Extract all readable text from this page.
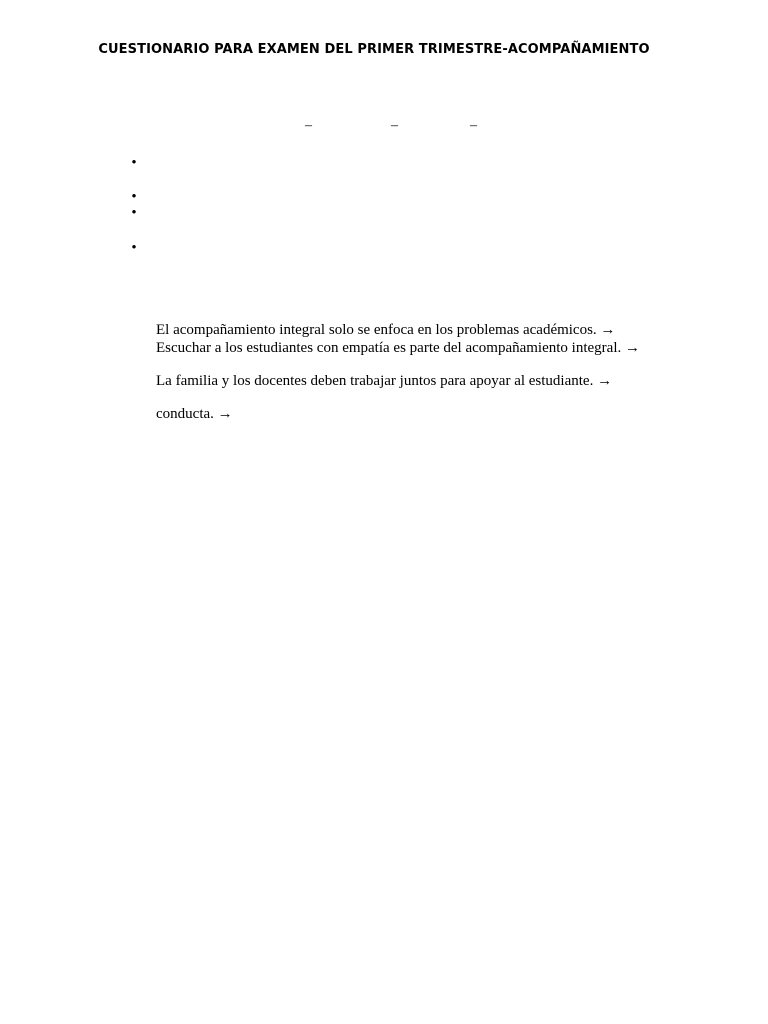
CUESTIONARIO PARA EXAMEN DEL PRIMER TRIMESTRE-ACOMPAÑAMIENTO
–	–	–
•
•
•
•
El acompañamiento integral solo se enfoca en los problemas académicos. →
Escuchar a los estudiantes con empatía es parte del acompañamiento integral. →
La familia y los docentes deben trabajar juntos para apoyar al estudiante. →
conducta. →
